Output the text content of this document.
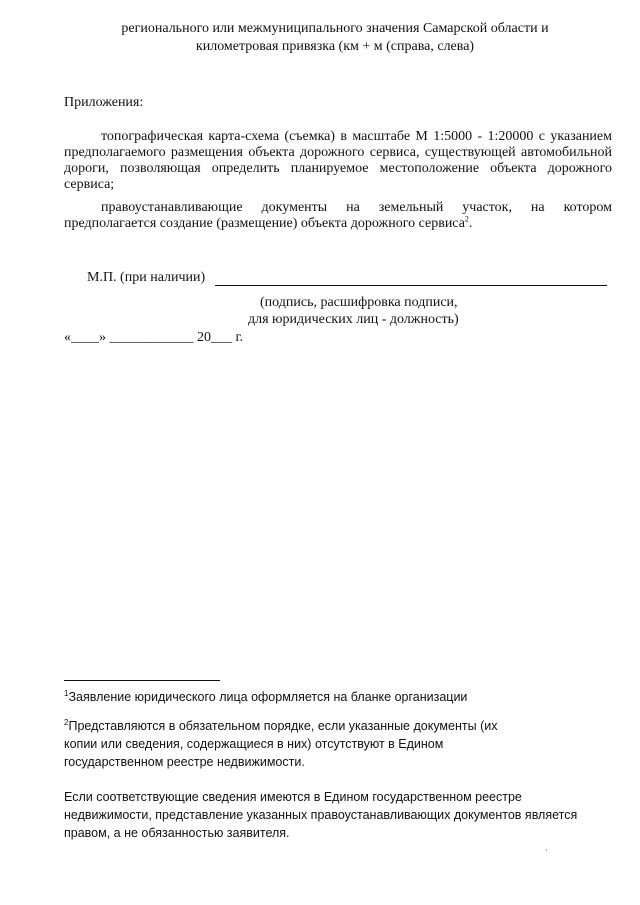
регионального или межмуниципального значения Самарской области и
километровая привязка (км + м (справа, слева)
Приложения:
топографическая карта-схема (съемка) в масштабе М 1:5000 - 1:20000 с указанием предполагаемого размещения объекта дорожного сервиса, существующей автомобильной дороги, позволяющая определить планируемое местоположение объекта дорожного сервиса;
правоустанавливающие документы на земельный участок, на котором предполагается создание (размещение) объекта дорожного сервиса$^2$.
М.П. (при наличии)
(подпись, расшифровка подписи,
для юридических лиц - должность)
«____» ____________ 20___ г.
$^1$Заявление юридического лица оформляется на бланке организации
$^2$Представляются в обязательном порядке, если указанные документы (их копии или сведения, содержащиеся в них) отсутствуют в Едином государственном реестре недвижимости.
Если соответствующие сведения имеются в Едином государственном реестре недвижимости, представление указанных правоустанавливающих документов является правом, а не обязанностью заявителя.
·
